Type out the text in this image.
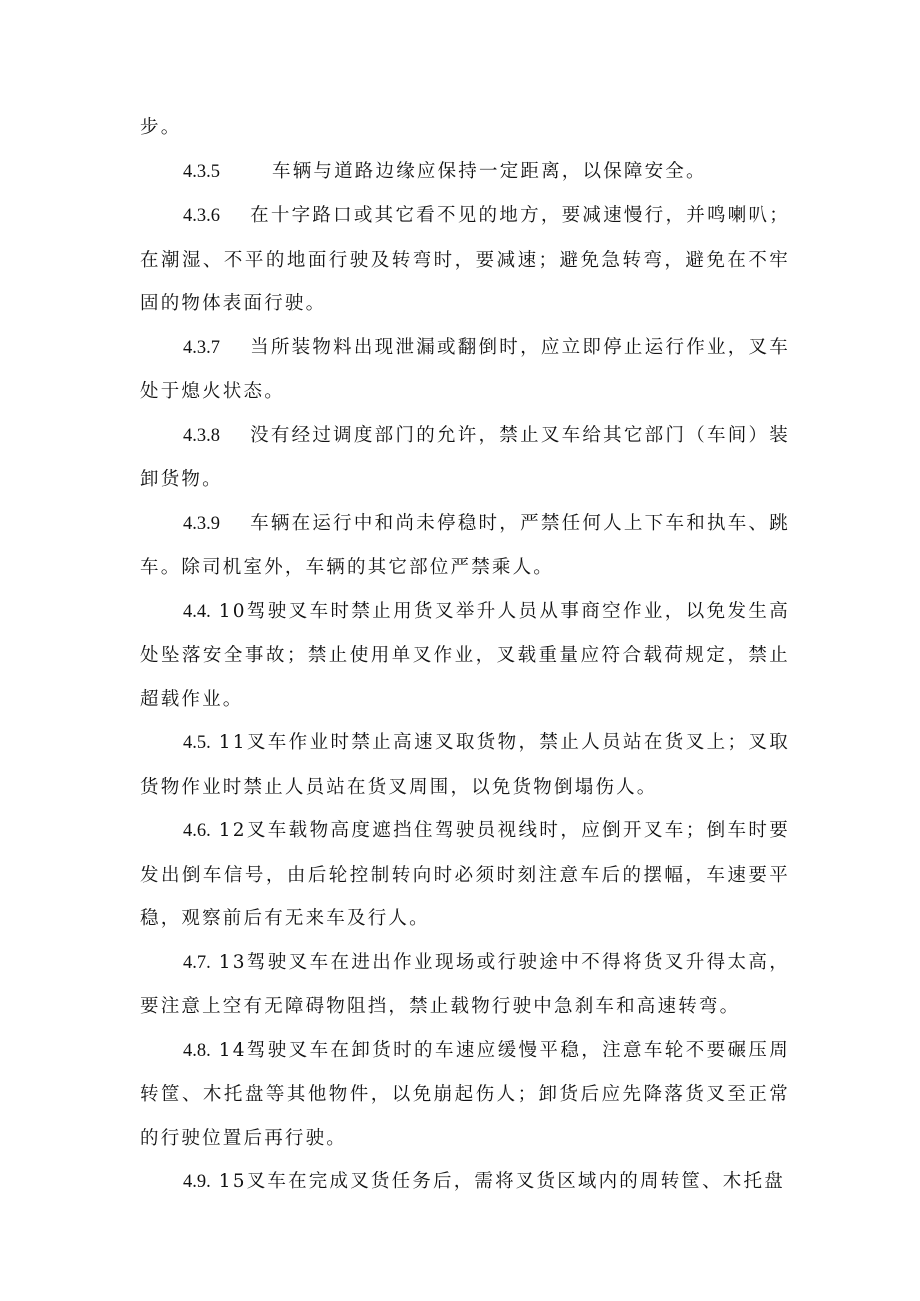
步。

4.3.5	车辆与道路边缘应保持一定距离，以保障安全。

4.3.6 在十字路口或其它看不见的地方，要减速慢行，并鸣喇叭；在潮湿、不平的地面行驶及转弯时，要减速；避免急转弯，避免在不牢固的物体表面行驶。

4.3.7 当所装物料出现泄漏或翻倒时，应立即停止运行作业，叉车处于熄火状态。

4.3.8 没有经过调度部门的允许，禁止叉车给其它部门（车间）装卸货物。

4.3.9 车辆在运行中和尚未停稳时，严禁任何人上下车和执车、跳车。除司机室外，车辆的其它部位严禁乘人。

4.4. 10驾驶叉车时禁止用货叉举升人员从事商空作业，以免发生高处坠落安全事故；禁止使用单叉作业，叉载重量应符合载荷规定，禁止超载作业。

4.5. 11叉车作业时禁止高速叉取货物，禁止人员站在货叉上；叉取货物作业时禁止人员站在货叉周围，以免货物倒塌伤人。

4.6. 12叉车载物高度遮挡住驾驶员视线时，应倒开叉车；倒车时要发出倒车信号，由后轮控制转向时必须时刻注意车后的摆幅，车速要平稳，观察前后有无来车及行人。

4.7. 13驾驶叉车在进出作业现场或行驶途中不得将货叉升得太高，要注意上空有无障碍物阻挡，禁止载物行驶中急刹车和高速转弯。

4.8. 14驾驶叉车在卸货时的车速应缓慢平稳，注意车轮不要碾压周转筐、木托盘等其他物件，以免崩起伤人；卸货后应先降落货叉至正常的行驶位置后再行驶。

4.9. 15叉车在完成叉货任务后，需将叉货区域内的周转筐、木托盘
